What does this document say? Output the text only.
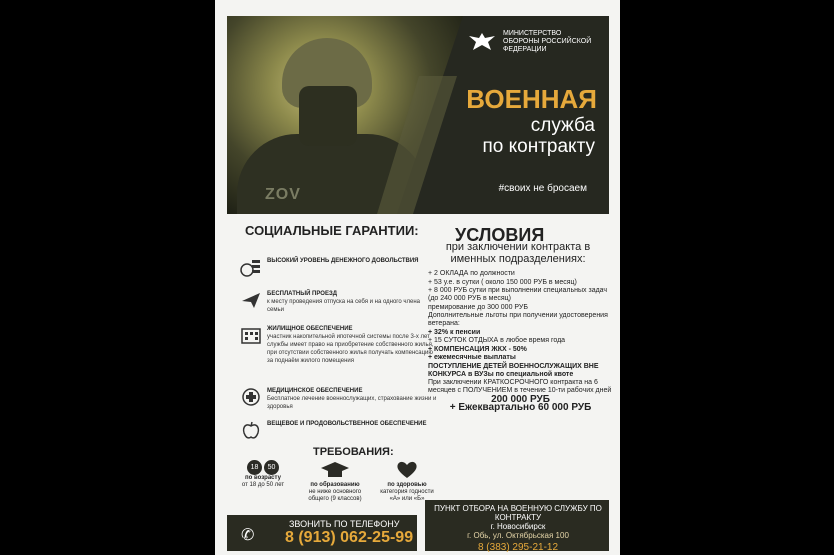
ZOV
МИНИСТЕРСТВО ОБОРОНЫ РОССИЙСКОЙ ФЕДЕРАЦИИ
ВОЕННАЯ
служба
по контракту
#своих не бросаем
СОЦИАЛЬНЫЕ ГАРАНТИИ:
ВЫСОКИЙ УРОВЕНЬ ДЕНЕЖНОГО ДОВОЛЬСТВИЯ
БЕСПЛАТНЫЙ ПРОЕЗД
к месту проведения отпуска на себя и на одного члена семьи
ЖИЛИЩНОЕ ОБЕСПЕЧЕНИЕ
участник накопительной ипотечной системы после 3-х лет службы имеет право на приобретение собственного жилья, при отсутствии собственного жилья получать компенсацию за поднаём жилого помещения
МЕДИЦИНСКОЕ ОБЕСПЕЧЕНИЕ
Бесплатное лечение военнослужащих, страхование жизни и здоровья
ВЕЩЕВОЕ И ПРОДОВОЛЬСТВЕННОЕ ОБЕСПЕЧЕНИЕ
УСЛОВИЯ
при заключении контракта в именных подразделениях:
+ 2 ОКЛАДА по должности
+ 53 у.е. в сутки ( около 150 000 РУБ в месяц)
+ 8 000 РУБ сутки при выполнении специальных задач (до 240 000 РУБ в месяц)
премирование до 300 000 РУБ
Дополнительные льготы при получении удостоверения ветерана:
+ 32% к пенсии
+ 15 СУТОК ОТДЫХА в любое время года
+ КОМПЕНСАЦИЯ ЖКХ - 50%
+ ежемесячные выплаты
ПОСТУПЛЕНИЕ ДЕТЕЙ ВОЕННОСЛУЖАЩИХ ВНЕ КОНКУРСА в ВУЗы по специальной квоте
При заключении КРАТКОСРОЧНОГО контракта на 6 месяцев с ПОЛУЧЕНИЕМ в течение 10-ти рабочих дней
200 000 РУБ
+ Ежеквартально 60 000 РУБ
ТРЕБОВАНИЯ:
18 50
по возрасту
от 18 до 50 лет	по образованию
не ниже основного общего (9 классов)
по здоровью
категория годности «А» или «Б»
✆
ЗВОНИТЬ ПО ТЕЛЕФОНУ
8 (913) 062-25-99
ПУНКТ ОТБОРА НА ВОЕННУЮ СЛУЖБУ ПО КОНТРАКТУ
г. Новосибирск
г. Обь, ул. Октябрьская 100
8 (383) 295-21-12
